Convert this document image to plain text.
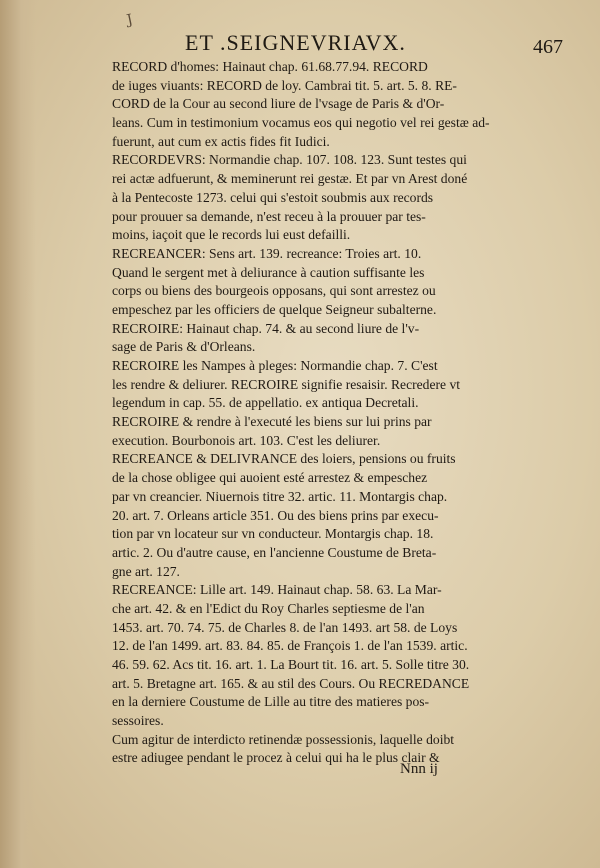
J
ET .SEIGNEVRIAVX.	467
RECORD d'homes: Hainaut chap. 61.68.77.94. RECORD
de iuges viuants: RECORD de loy. Cambrai tit. 5. art. 5. 8. RE-
CORD de la Cour au second liure de l'vsage de Paris & d'Or-
leans. Cum in testimonium vocamus eos qui negotio vel rei gestæ ad-
fuerunt, aut cum ex actis fides fit Iudici.
RECORDEVRS: Normandie chap. 107. 108. 123. Sunt testes qui
rei actæ adfuerunt, & meminerunt rei gestæ. Et par vn Arest doné
à la Pentecoste 1273. celui qui s'estoit soubmis aux records
pour prouuer sa demande, n'est receu à la prouuer par tes-
moins, iaçoit que le records lui eust defailli.
RECREANCER: Sens art. 139. recreance: Troies art. 10.
Quand le sergent met à deliurance à caution suffisante les
corps ou biens des bourgeois opposans, qui sont arrestez ou
empeschez par les officiers de quelque Seigneur subalterne.
RECROIRE: Hainaut chap. 74. & au second liure de l'v-
sage de Paris & d'Orleans.
RECROIRE les Nampes à pleges: Normandie chap. 7. C'est
les rendre & deliurer. RECROIRE signifie resaisir. Recredere vt
legendum in cap. 55. de appellatio. ex antiqua Decretali.
RECROIRE & rendre à l'executé les biens sur lui prins par
execution. Bourbonois art. 103. C'est les deliurer.
RECREANCE & DELIVRANCE des loiers, pensions ou fruits
de la chose obligee qui auoient esté arrestez & empeschez
par vn creancier. Niuernois titre 32. artic. 11. Montargis chap.
20. art. 7. Orleans article 351. Ou des biens prins par execu-
tion par vn locateur sur vn conducteur. Montargis chap. 18.
artic. 2. Ou d'autre cause, en l'ancienne Coustume de Breta-
gne art. 127.
RECREANCE: Lille art. 149. Hainaut chap. 58. 63. La Mar-
che art. 42. & en l'Edict du Roy Charles septiesme de l'an
1453. art. 70. 74. 75. de Charles 8. de l'an 1493. art 58. de Loys
12. de l'an 1499. art. 83. 84. 85. de François 1. de l'an 1539. artic.
46. 59. 62. Acs tit. 16. art. 1. La Bourt tit. 16. art. 5. Solle titre 30.
art. 5. Bretagne art. 165. & au stil des Cours. Ou RECREDANCE
en la derniere Coustume de Lille au titre des matieres pos-
sessoires.
Cum agitur de interdicto retinendæ possessionis, laquelle doibt
estre adiugee pendant le procez à celui qui ha le plus clair &
Nnn ij
